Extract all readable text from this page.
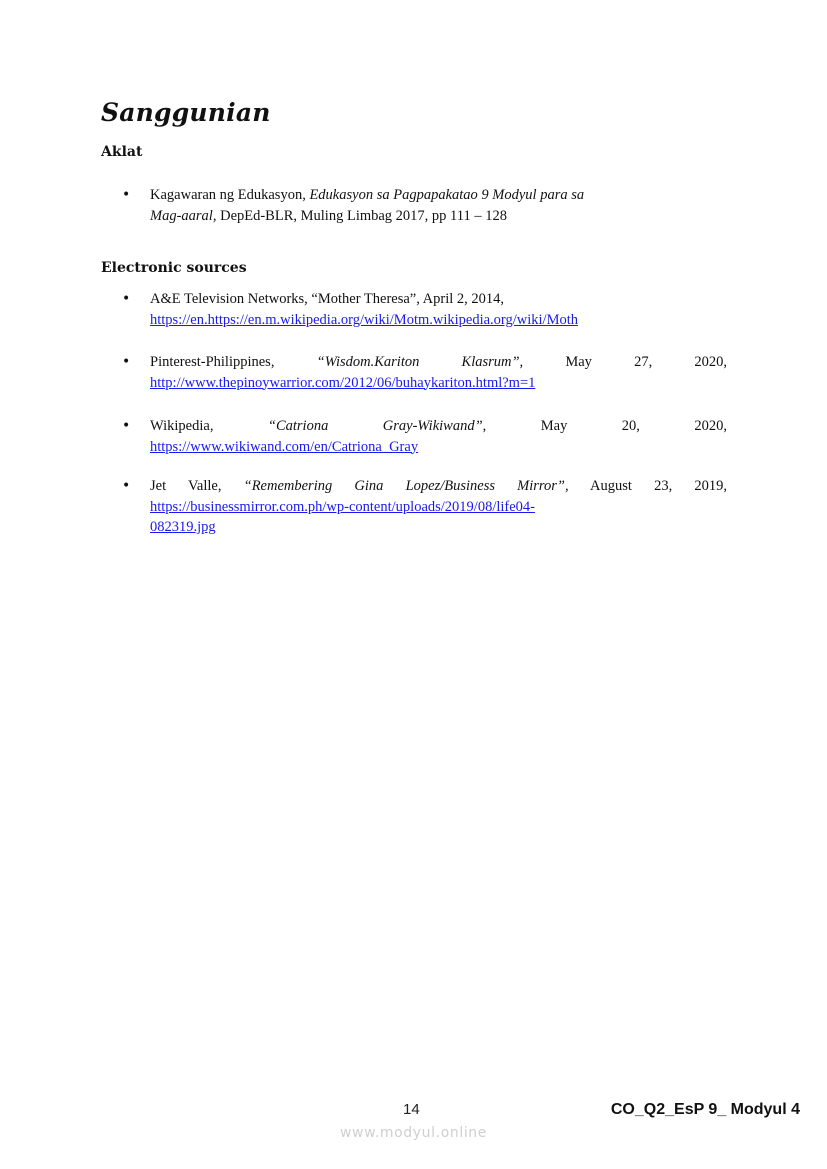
Sanggunian
Aklat
• Kagawaran ng Edukasyon, Edukasyon sa Pagpapakatao 9 Modyul para sa
Mag-aaral, DepEd-BLR, Muling Limbag 2017, pp 111 – 128

Electronic sources
• A&E Television Networks, “Mother Theresa”, April 2, 2014,
https://en.https://en.m.wikipedia.org/wiki/Motm.wikipedia.org/wiki/Moth

• Pinterest-Philippines, “Wisdom.Kariton Klasrum”, May 27, 2020,
http://www.thepinoywarrior.com/2012/06/buhaykariton.html?m=1

• Wikipedia, “Catriona Gray-Wikiwand”, May 20, 2020,
https://www.wikiwand.com/en/Catriona_Gray

• Jet Valle, “Remembering Gina Lopez/Business Mirror”, August 23, 2019,
https://businessmirror.com.ph/wp-content/uploads/2019/08/life04-
082319.jpg

14	CO_Q2_EsP 9_ Modyul 4
www.modyul.online
